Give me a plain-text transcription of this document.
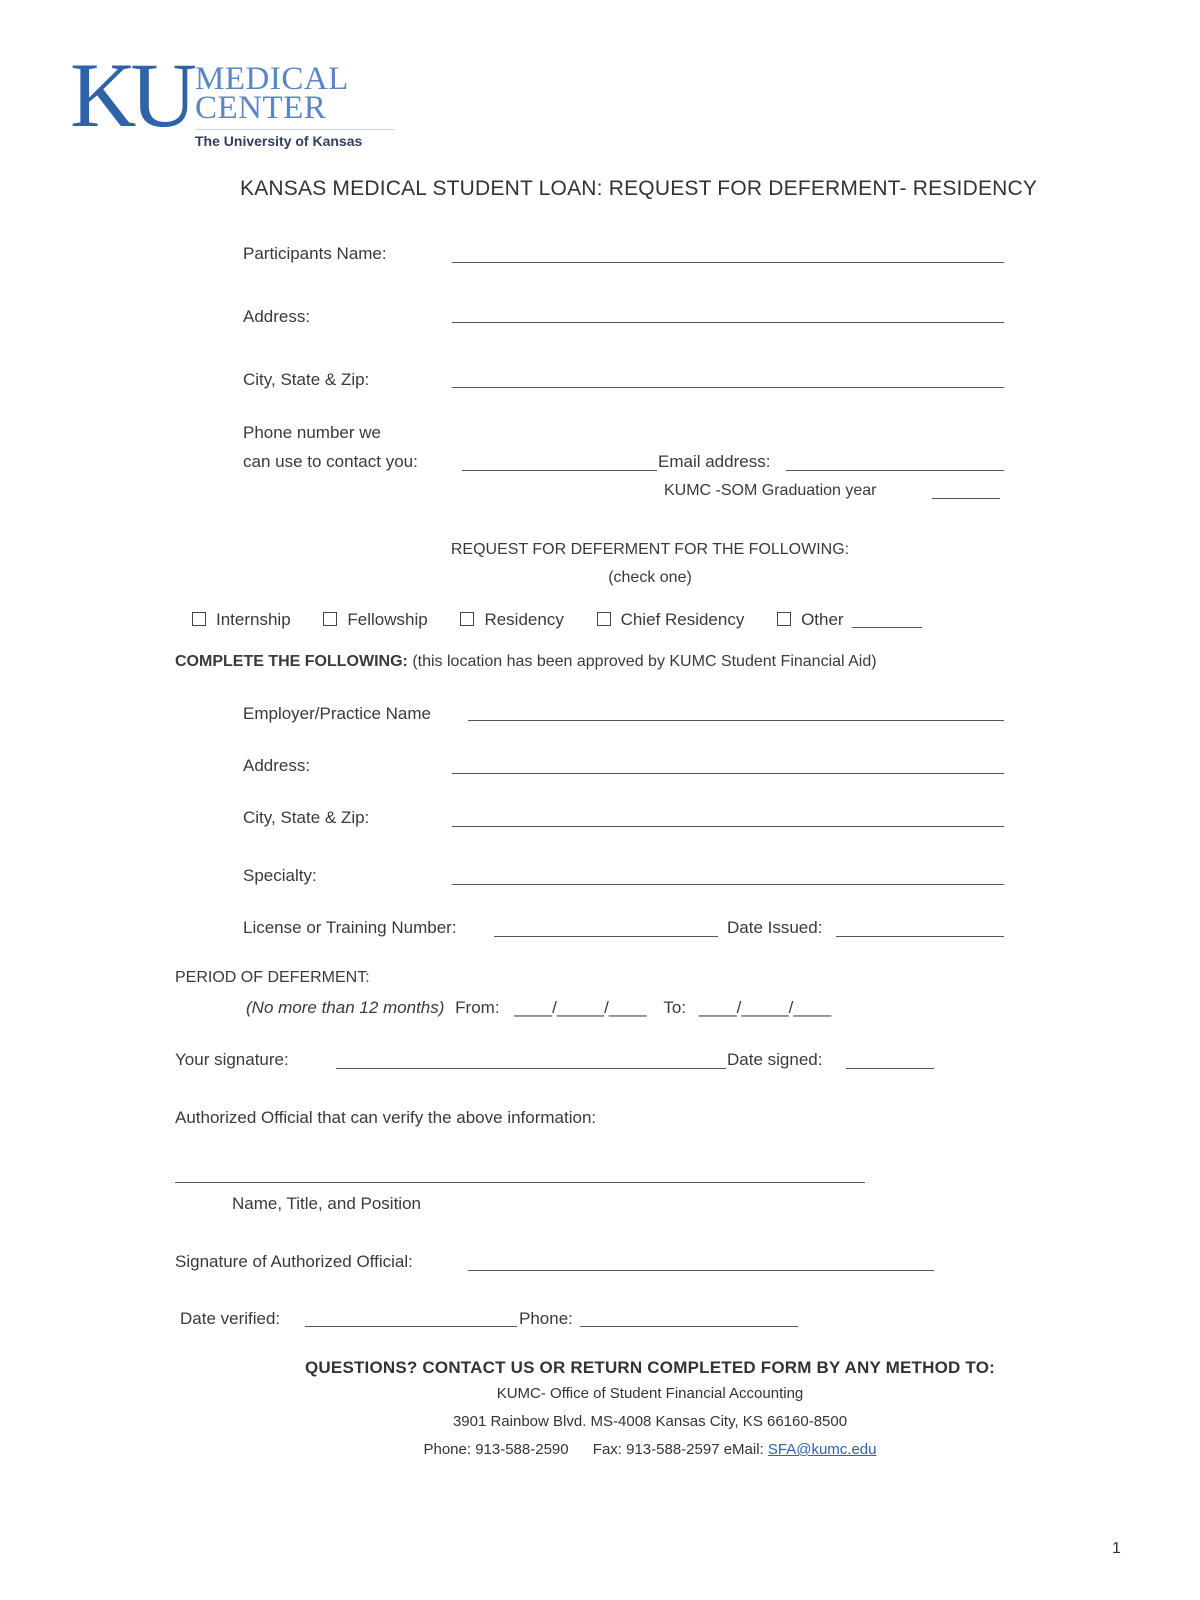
KU MEDICAL
CENTER
The University of Kansas
KANSAS MEDICAL STUDENT LOAN: REQUEST FOR DEFERMENT- RESIDENCY
Participants Name:
Address:
City, State & Zip:
Phone number we
can use to contact you:	Email address:
KUMC -SOM Graduation year
REQUEST FOR DEFERMENT FOR THE FOLLOWING:
(check one)
Internship	Fellowship	Residency	Chief Residency	Other
COMPLETE THE FOLLOWING: (this location has been approved by KUMC Student Financial Aid)
Employer/Practice Name
Address:
City, State & Zip:
Specialty:
License or Training Number:	Date Issued:
PERIOD OF DEFERMENT:
(No more than 12 months) From: ____/_____/____ To: ____/_____/____
Your signature:	Date signed:
Authorized Official that can verify the above information:
Name, Title, and Position
Signature of Authorized Official:
Date verified:	Phone:
QUESTIONS? CONTACT US OR RETURN COMPLETED FORM BY ANY METHOD TO:
KUMC- Office of Student Financial Accounting
3901 Rainbow Blvd. MS-4008 Kansas City, KS 66160-8500
Phone: 913-588-2590 Fax: 913-588-2597 eMail: SFA@kumc.edu
1
